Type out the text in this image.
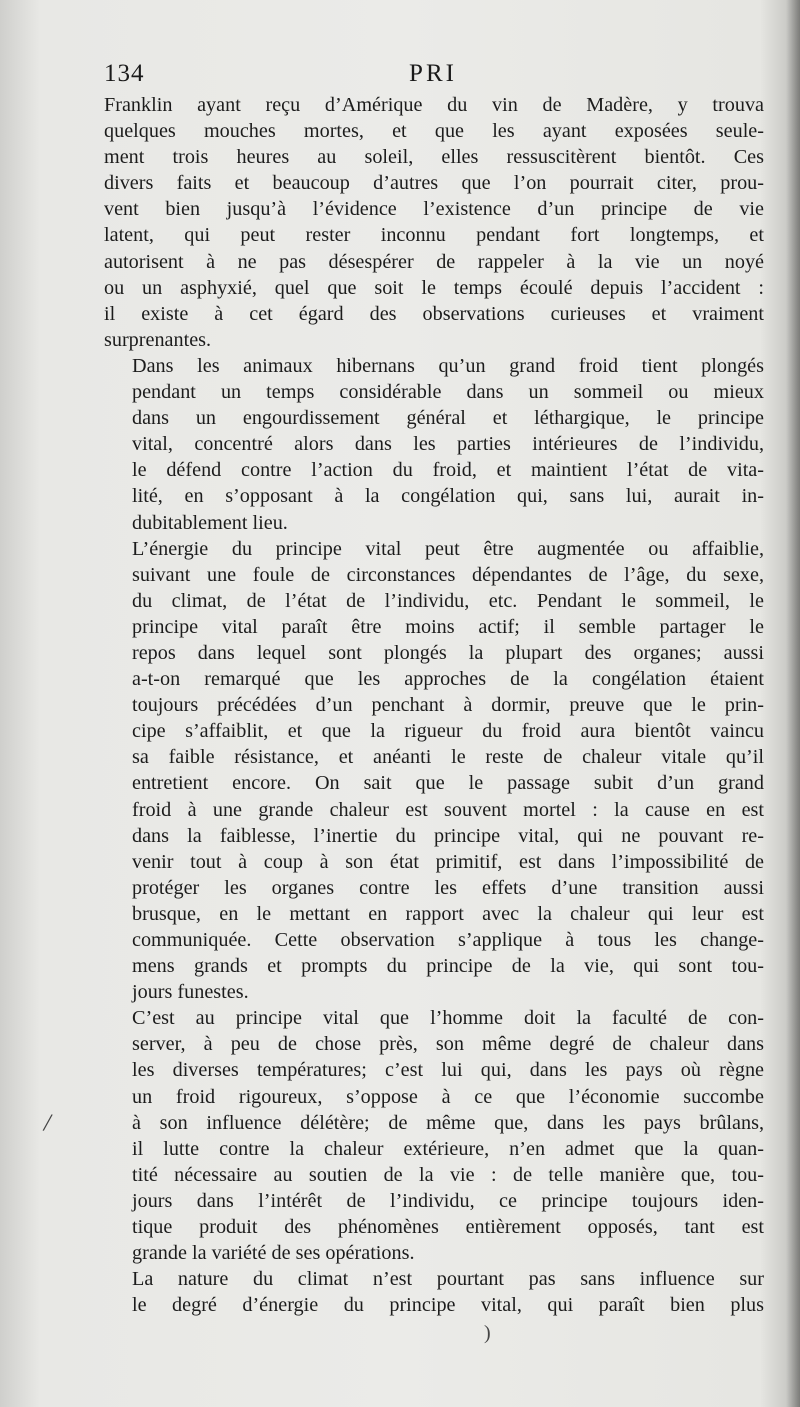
134	PRI

Franklin ayant reçu d’Amérique du vin de Madère, y trouva
quelques mouches mortes, et que les ayant exposées seule-
ment trois heures au soleil, elles ressuscitèrent bientôt. Ces
divers faits et beaucoup d’autres que l’on pourrait citer, prou-
vent bien jusqu’à l’évidence l’existence d’un principe de vie
latent, qui peut rester inconnu pendant fort longtemps, et
autorisent à ne pas désespérer de rappeler à la vie un noyé
ou un asphyxié, quel que soit le temps écoulé depuis l’accident :
il existe à cet égard des observations curieuses et vraiment
surprenantes.

Dans les animaux hibernans qu’un grand froid tient plongés
pendant un temps considérable dans un sommeil ou mieux
dans un engourdissement général et léthargique, le principe
vital, concentré alors dans les parties intérieures de l’individu,
le défend contre l’action du froid, et maintient l’état de vita-
lité, en s’opposant à la congélation qui, sans lui, aurait in-
dubitablement lieu.

L’énergie du principe vital peut être augmentée ou affaiblie,
suivant une foule de circonstances dépendantes de l’âge, du sexe,
du climat, de l’état de l’individu, etc. Pendant le sommeil, le
principe vital paraît être moins actif; il semble partager le
repos dans lequel sont plongés la plupart des organes; aussi
a-t-on remarqué que les approches de la congélation étaient
toujours précédées d’un penchant à dormir, preuve que le prin-
cipe s’affaiblit, et que la rigueur du froid aura bientôt vaincu
sa faible résistance, et anéanti le reste de chaleur vitale qu’il
entretient encore. On sait que le passage subit d’un grand
froid à une grande chaleur est souvent mortel : la cause en est
dans la faiblesse, l’inertie du principe vital, qui ne pouvant re-
venir tout à coup à son état primitif, est dans l’impossibilité de
protéger les organes contre les effets d’une transition aussi
brusque, en le mettant en rapport avec la chaleur qui leur est
communiquée. Cette observation s’applique à tous les change-
mens grands et prompts du principe de la vie, qui sont tou-
jours funestes.

C’est au principe vital que l’homme doit la faculté de con-
server, à peu de chose près, son même degré de chaleur dans
les diverses températures; c’est lui qui, dans les pays où règne
un froid rigoureux, s’oppose à ce que l’économie succombe
à son influence délétère; de même que, dans les pays brûlans,
il lutte contre la chaleur extérieure, n’en admet que la quan-
tité nécessaire au soutien de la vie : de telle manière que, tou-
jours dans l’intérêt de l’individu, ce principe toujours iden-
tique produit des phénomènes entièrement opposés, tant est
grande la variété de ses opérations.

La nature du climat n’est pourtant pas sans influence sur
le degré d’énergie du principe vital, qui paraît bien plus

/
)
